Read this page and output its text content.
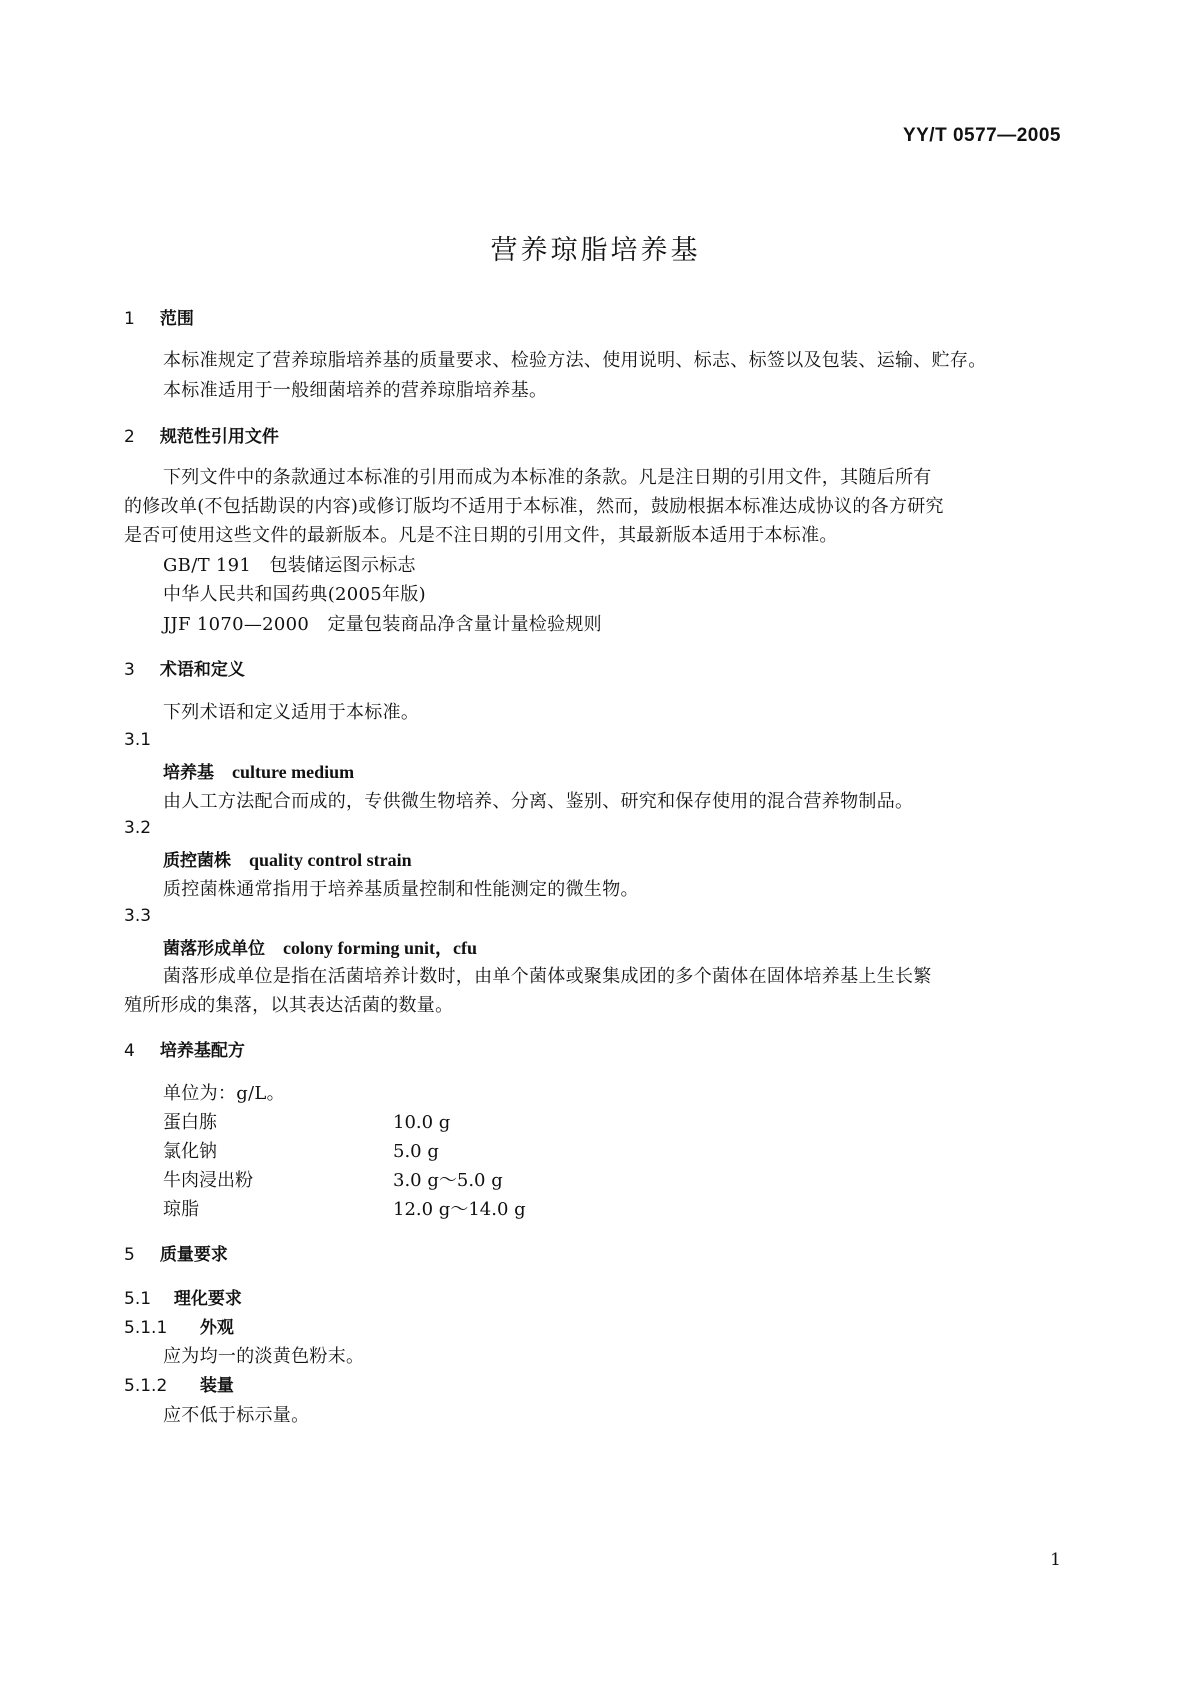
YY/T 0577—2005
营养琼脂培养基
1 范围
本标准规定了营养琼脂培养基的质量要求、检验方法、使用说明、标志、标签以及包装、运输、贮存。
本标准适用于一般细菌培养的营养琼脂培养基。
2 规范性引用文件
下列文件中的条款通过本标准的引用而成为本标准的条款。凡是注日期的引用文件，其随后所有
的修改单(不包括勘误的内容)或修订版均不适用于本标准，然而，鼓励根据本标准达成协议的各方研究
是否可使用这些文件的最新版本。凡是不注日期的引用文件，其最新版本适用于本标准。
GB/T 191　包装储运图示标志
中华人民共和国药典(2005年版)
JJF 1070—2000　定量包装商品净含量计量检验规则
3 术语和定义
下列术语和定义适用于本标准。
3.1
培养基 culture medium
由人工方法配合而成的，专供微生物培养、分离、鉴别、研究和保存使用的混合营养物制品。
3.2
质控菌株 quality control strain
质控菌株通常指用于培养基质量控制和性能测定的微生物。
3.3
菌落形成单位 colony forming unit，cfu
菌落形成单位是指在活菌培养计数时，由单个菌体或聚集成团的多个菌体在固体培养基上生长繁
殖所形成的集落，以其表达活菌的数量。
4 培养基配方
单位为：g/L。
蛋白胨	10.0 g
氯化钠	5.0 g
牛肉浸出粉	3.0 g～5.0 g
琼脂	12.0 g～14.0 g
5 质量要求
5.1 理化要求
5.1.1 外观
应为均一的淡黄色粉末。
5.1.2 装量
应不低于标示量。
1
